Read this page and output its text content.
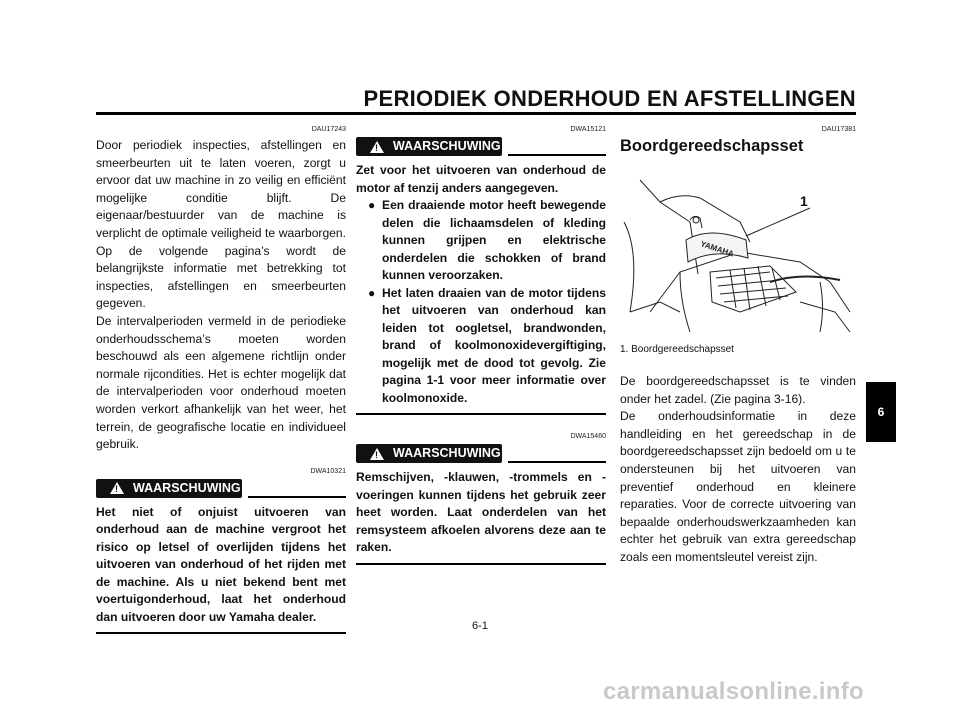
PERIODIEK ONDERHOUD EN AFSTELLINGEN
DAU17243

Door periodiek inspecties, afstellingen en smeerbeurten uit te laten voeren, zorgt u ervoor dat uw machine in zo veilig en efficiënt mogelijke conditie blijft. De eigenaar/bestuurder van de machine is verplicht de optimale veiligheid te waarborgen. Op de volgende pagina’s wordt de belangrijkste informatie met betrekking tot inspecties, afstellingen en smeerbeurten gegeven.

De intervalperioden vermeld in de periodieke onderhoudsschema’s moeten worden beschouwd als een algemene richtlijn onder normale rijcondities. Het is echter mogelijk dat de intervalperioden voor onderhoud moeten worden verkort afhankelijk van het weer, het terrein, de geografische locatie en individueel gebruik.

DWA10321
! WAARSCHUWING
Het niet of onjuist uitvoeren van onderhoud aan de machine vergroot het risico op letsel of overlijden tijdens het uitvoeren van onderhoud of het rijden met de machine. Als u niet bekend bent met voertuigonderhoud, laat het onderhoud dan uitvoeren door uw Yamaha dealer.
DWA15121
! WAARSCHUWING
Zet voor het uitvoeren van onderhoud de motor af tenzij anders aangegeven.
● Een draaiende motor heeft bewegende delen die lichaamsdelen of kleding kunnen grijpen en elektrische onderdelen die schokken of brand kunnen veroorzaken.
● Het laten draaien van de motor tijdens het uitvoeren van onderhoud kan leiden tot oogletsel, brandwonden, brand of koolmonoxidevergiftiging, mogelijk met de dood tot gevolg. Zie pagina 1-1 voor meer informatie over koolmonoxide.
DWA15460
! WAARSCHUWING
Remschijven, -klauwen, -trommels en -voeringen kunnen tijdens het gebruik zeer heet worden. Laat onderdelen van het remsysteem afkoelen alvorens deze aan te raken.
DAU17381
Boordgereedschapsset
YAMAHA
1
1. Boordgereedschapsset

De boordgereedschapsset is te vinden onder het zadel. (Zie pagina 3-16).

De onderhoudsinformatie in deze handleiding en het gereedschap in de boordgereedschapsset zijn bedoeld om u te ondersteunen bij het uitvoeren van preventief onderhoud en kleinere reparaties. Voor de correcte uitvoering van bepaalde onderhoudswerkzaamheden kan echter het gebruik van extra gereedschap zoals een momentsleutel vereist zijn.

6
6-1
carmanualsonline.info
